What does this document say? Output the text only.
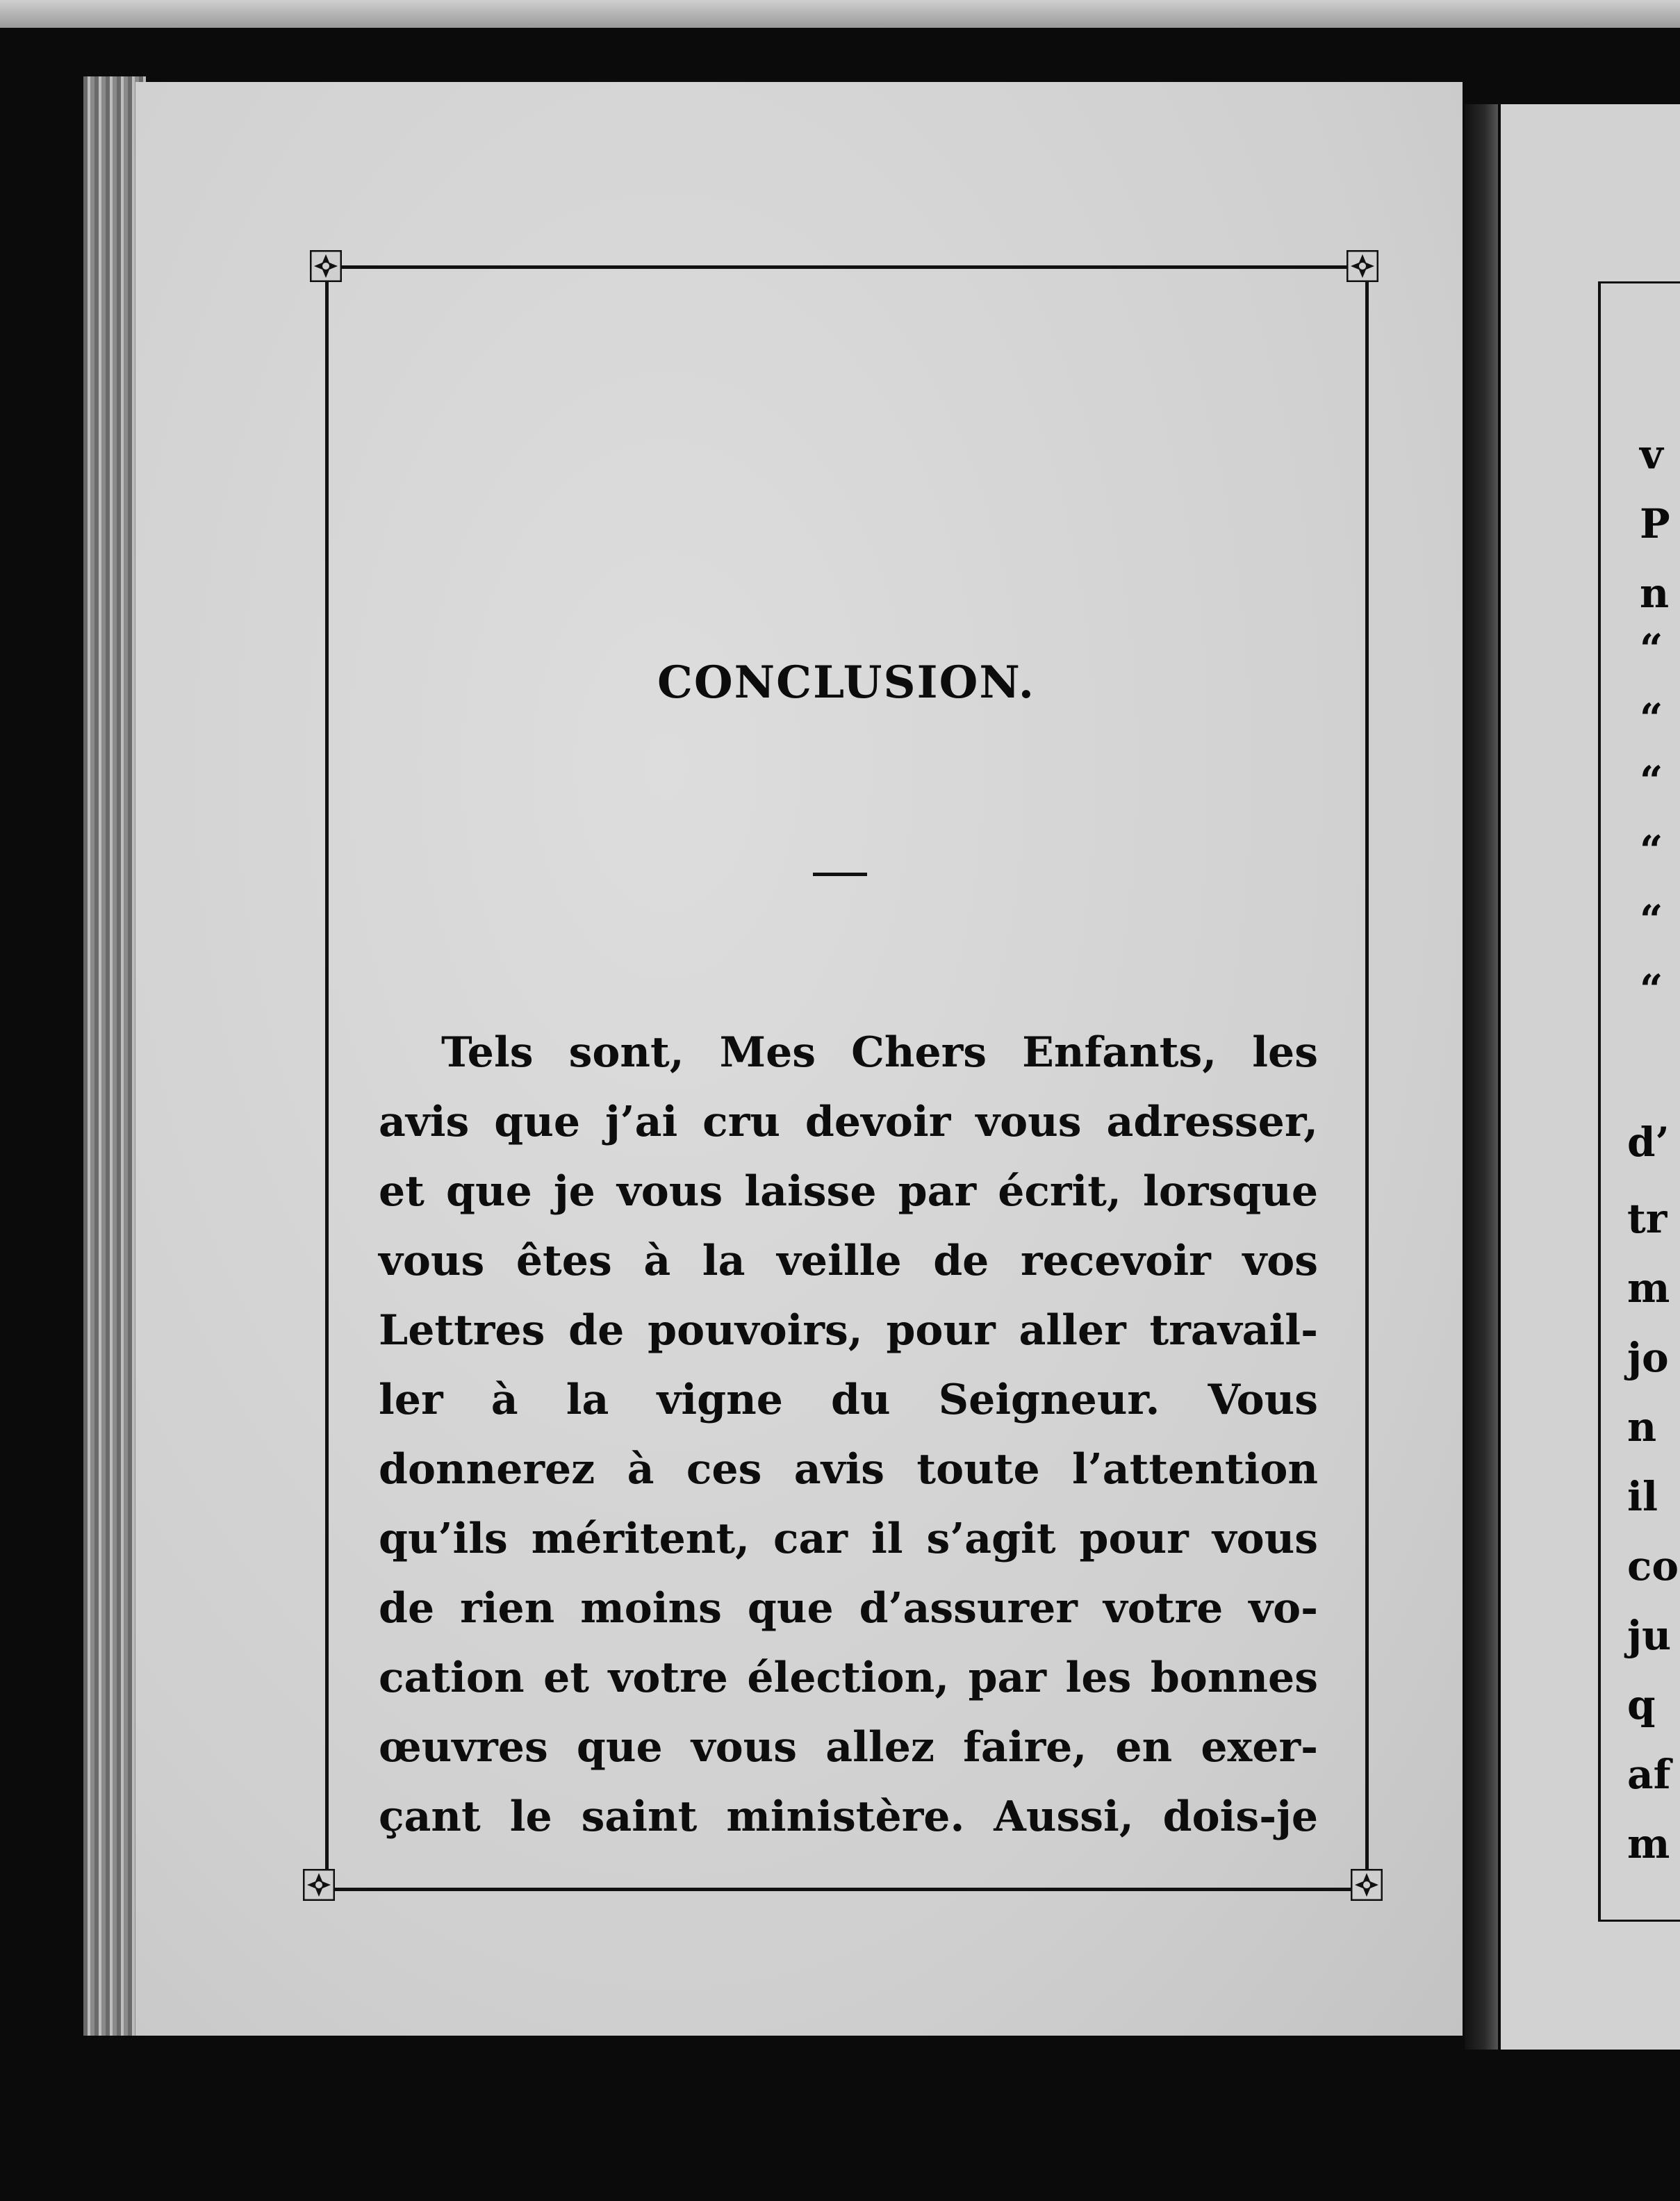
v
P
n
“
“
“
“
“
“
d’
tr
m
jo
n
il
co
ju
q
af
m
CONCLUSION.
Tels sont, Mes Chers Enfants, les
avis que j’ai cru devoir vous adresser,
et que je vous laisse par écrit, lorsque
vous êtes à la veille de recevoir vos
Lettres de pouvoirs, pour aller travail-
ler à la vigne du Seigneur. Vous
donnerez à ces avis toute l’attention
qu’ils méritent, car il s’agit pour vous
de rien moins que d’assurer votre vo-
cation et votre élection, par les bonnes
œuvres que vous allez faire, en exer-
çant le saint ministère. Aussi, dois-je
